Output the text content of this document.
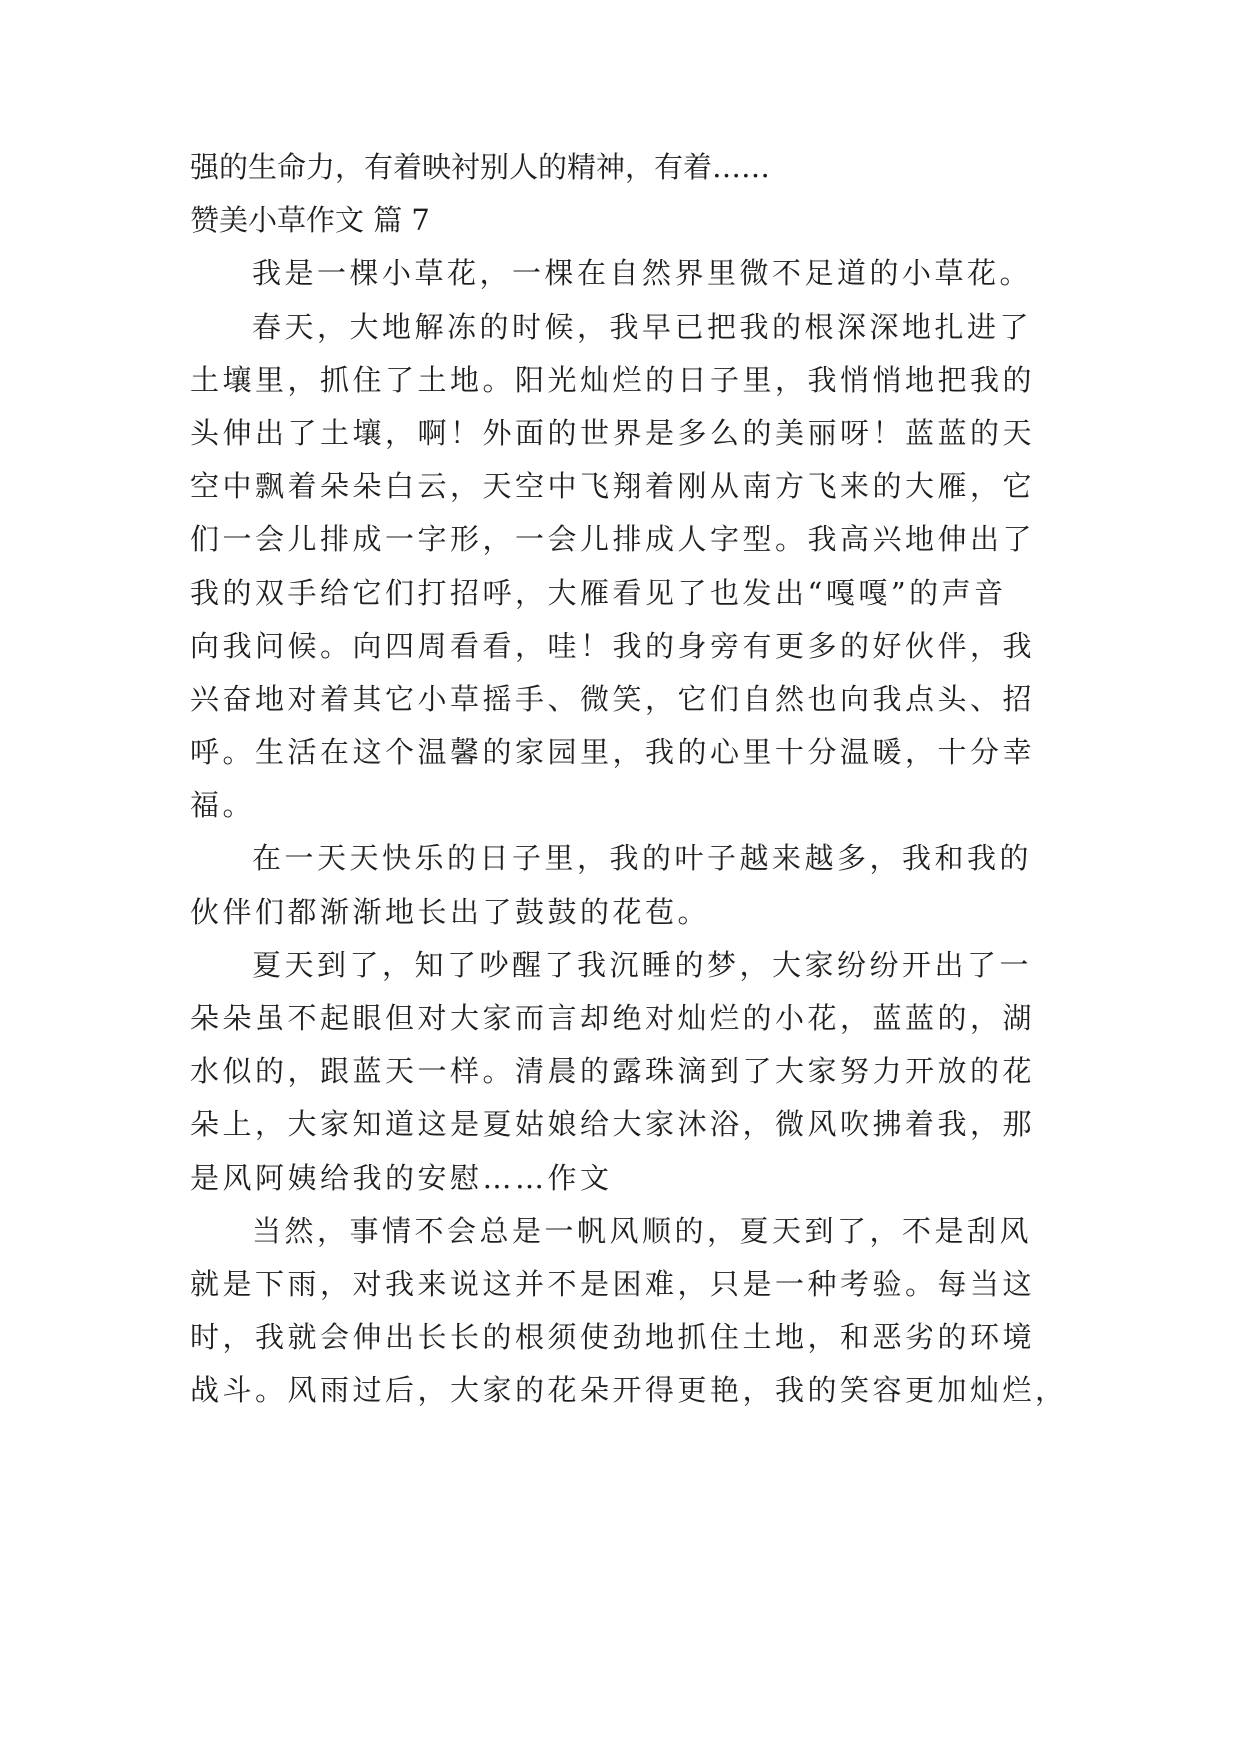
强的生命力，有着映衬别人的精神，有着……
赞美小草作文 篇 7
我是一棵小草花，一棵在自然界里微不足道的小草花。
春天，大地解冻的时候，我早已把我的根深深地扎进了
土壤里，抓住了土地。阳光灿烂的日子里，我悄悄地把我的
头伸出了土壤，啊！外面的世界是多么的美丽呀！蓝蓝的天
空中飘着朵朵白云，天空中飞翔着刚从南方飞来的大雁，它
们一会儿排成一字形，一会儿排成人字型。我高兴地伸出了
我的双手给它们打招呼，大雁看见了也发出“嘎嘎”的声音
向我问候。向四周看看，哇！我的身旁有更多的好伙伴，我
兴奋地对着其它小草摇手、微笑，它们自然也向我点头、招
呼。生活在这个温馨的家园里，我的心里十分温暖，十分幸
福。
在一天天快乐的日子里，我的叶子越来越多，我和我的
伙伴们都渐渐地长出了鼓鼓的花苞。
夏天到了，知了吵醒了我沉睡的梦，大家纷纷开出了一
朵朵虽不起眼但对大家而言却绝对灿烂的小花，蓝蓝的，湖
水似的，跟蓝天一样。清晨的露珠滴到了大家努力开放的花
朵上，大家知道这是夏姑娘给大家沐浴，微风吹拂着我，那
是风阿姨给我的安慰……作文
当然，事情不会总是一帆风顺的，夏天到了，不是刮风
就是下雨，对我来说这并不是困难，只是一种考验。每当这
时，我就会伸出长长的根须使劲地抓住土地，和恶劣的环境
战斗。风雨过后，大家的花朵开得更艳，我的笑容更加灿烂，
